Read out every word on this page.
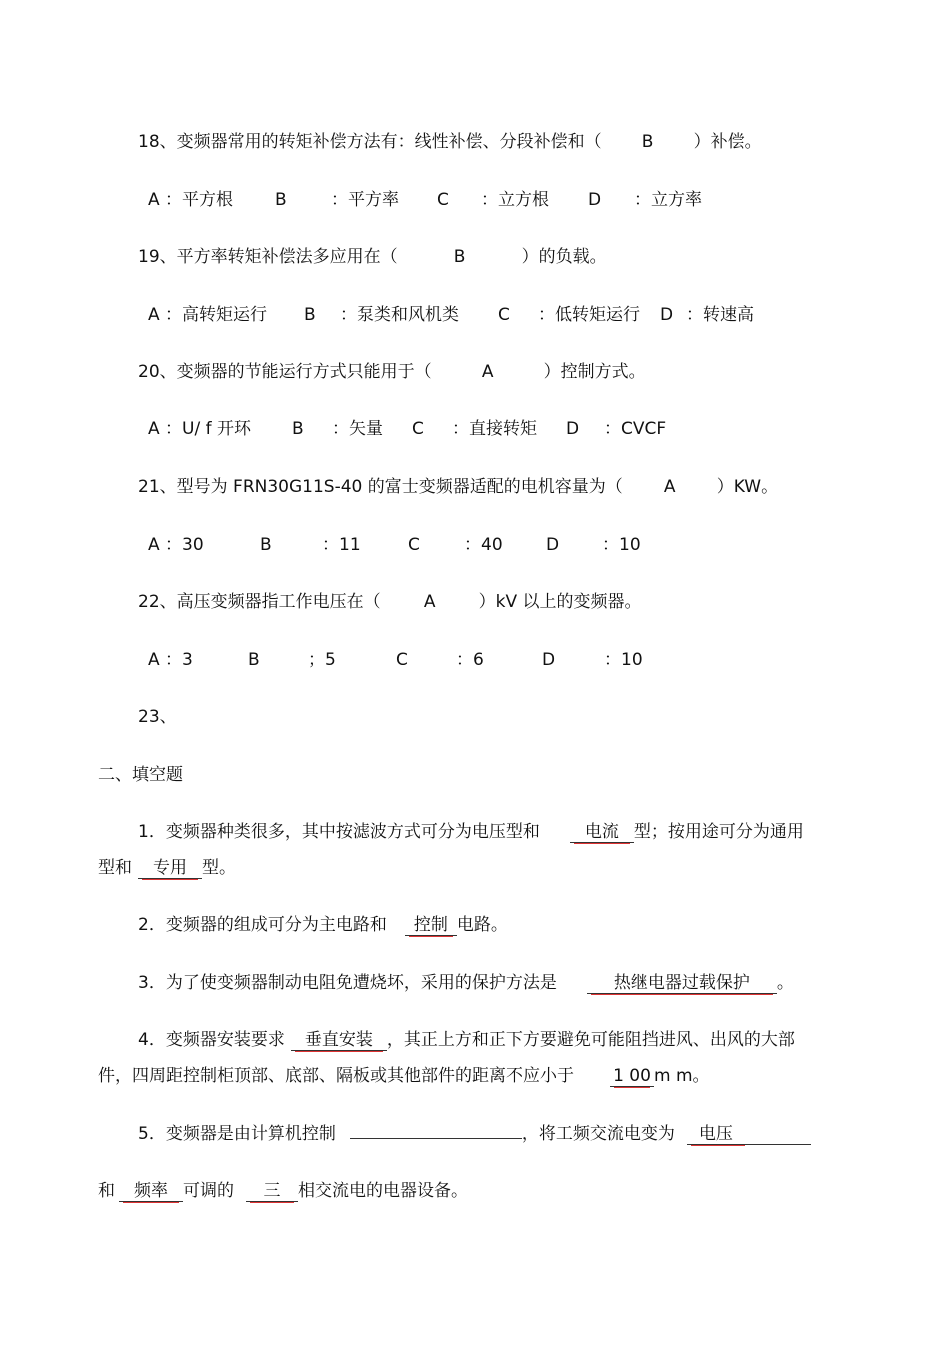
18、变频器常用的转矩补偿方法有：线性补偿、分段补偿和（ B ）补偿。
A ：平方根 B	：平方率 C ：立方根 D ：立方率
19、平方率转矩补偿法多应用在（	B	）的负载。
A ：高转矩运行 B ：泵类和风机类 C ：低转矩运行 D ：转速高
20、变频器的节能运行方式只能用于（	A	）控制方式。
A ：U/ f 开环 B ：矢量 C ：直接转矩 D ：CVCF
21、型号为 FRN30G11S-40 的富士变频器适配的电机容量为（ A ）KW。
A ：30	B	：11	C	：40	D	：10
22、高压变频器指工作电压在（	A	）kV 以上的变频器。
A ：3	B	；5	C	：6	D	：10
23、
二、填空题
1．变频器种类很多，其中按滤波方式可分为电压型和	电流 型；按用途可分为通用
型和 专用 型。
2．变频器的组成可分为主电路和 控制 电路。
3．为了使变频器制动电阻免遭烧坏，采用的保护方法是	热继电器过载保护 。
4．变频器安装要求 垂直安装 ，其正上方和正下方要避免可能阻挡进风、出风的大部
件，四周距控制柜顶部、底部、隔板或其他部件的距离不应小于 1 00 m m。
5．变频器是由计算机控制	，将工频交流电变为 电压
和 频率 可调的 三 相交流电的电器设备。
